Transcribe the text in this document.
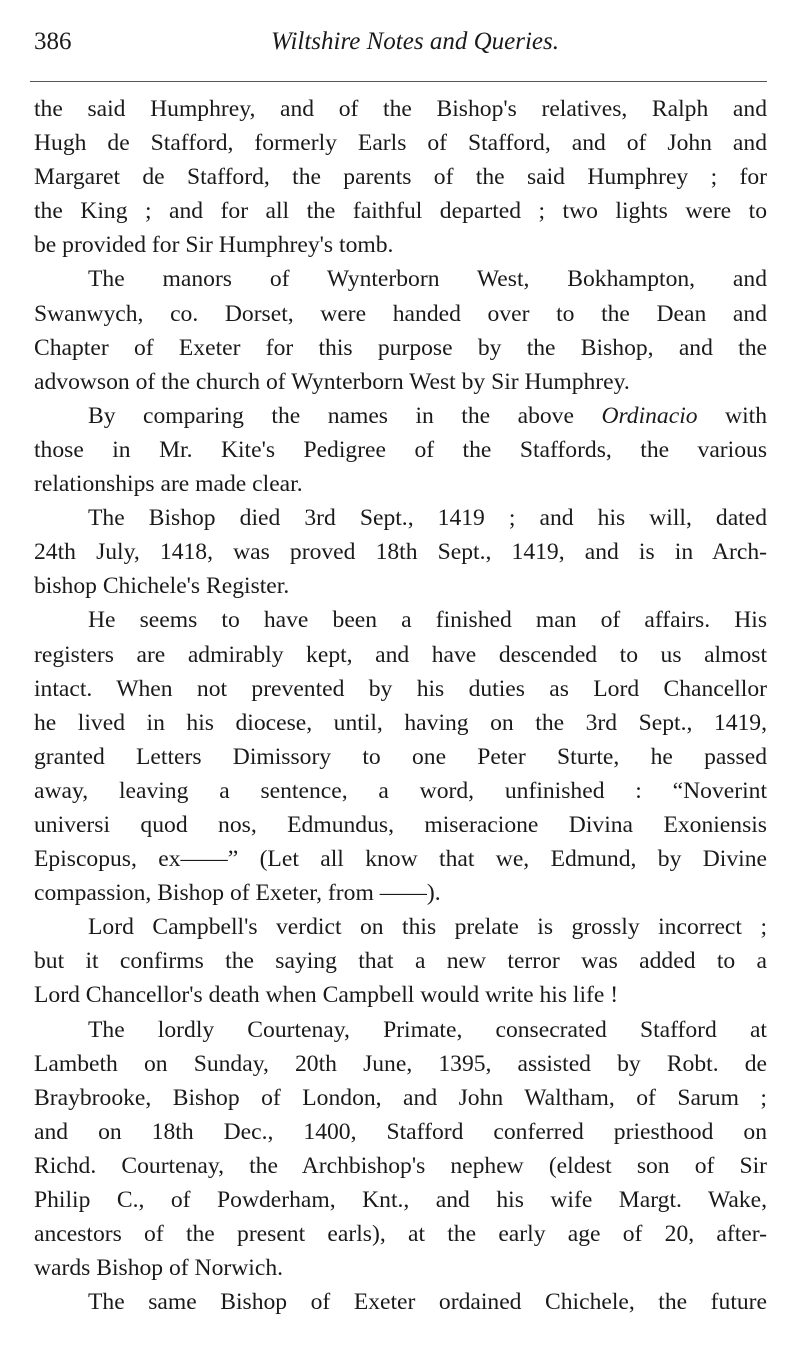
386	Wiltshire Notes and Queries.
the said Humphrey, and of the Bishop's relatives, Ralph and
Hugh de Stafford, formerly Earls of Stafford, and of John and
Margaret de Stafford, the parents of the said Humphrey ; for
the King ; and for all the faithful departed ; two lights were to
be provided for Sir Humphrey's tomb.
The manors of Wynterborn West, Bokhampton, and
Swanwych, co. Dorset, were handed over to the Dean and
Chapter of Exeter for this purpose by the Bishop, and the
advowson of the church of Wynterborn West by Sir Humphrey.
By comparing the names in the above Ordinacio with
those in Mr. Kite's Pedigree of the Staffords, the various
relationships are made clear.
The Bishop died 3rd Sept., 1419 ; and his will, dated
24th July, 1418, was proved 18th Sept., 1419, and is in Arch-
bishop Chichele's Register.
He seems to have been a finished man of affairs. His
registers are admirably kept, and have descended to us almost
intact. When not prevented by his duties as Lord Chancellor
he lived in his diocese, until, having on the 3rd Sept., 1419,
granted Letters Dimissory to one Peter Sturte, he passed
away, leaving a sentence, a word, unfinished : “Noverint
universi quod nos, Edmundus, miseracione Divina Exoniensis
Episcopus, ex——” (Let all know that we, Edmund, by Divine
compassion, Bishop of Exeter, from ——).
Lord Campbell's verdict on this prelate is grossly incorrect ;
but it confirms the saying that a new terror was added to a
Lord Chancellor's death when Campbell would write his life !
The lordly Courtenay, Primate, consecrated Stafford at
Lambeth on Sunday, 20th June, 1395, assisted by Robt. de
Braybrooke, Bishop of London, and John Waltham, of Sarum ;
and on 18th Dec., 1400, Stafford conferred priesthood on
Richd. Courtenay, the Archbishop's nephew (eldest son of Sir
Philip C., of Powderham, Knt., and his wife Margt. Wake,
ancestors of the present earls), at the early age of 20, after-
wards Bishop of Norwich.
The same Bishop of Exeter ordained Chichele, the future
